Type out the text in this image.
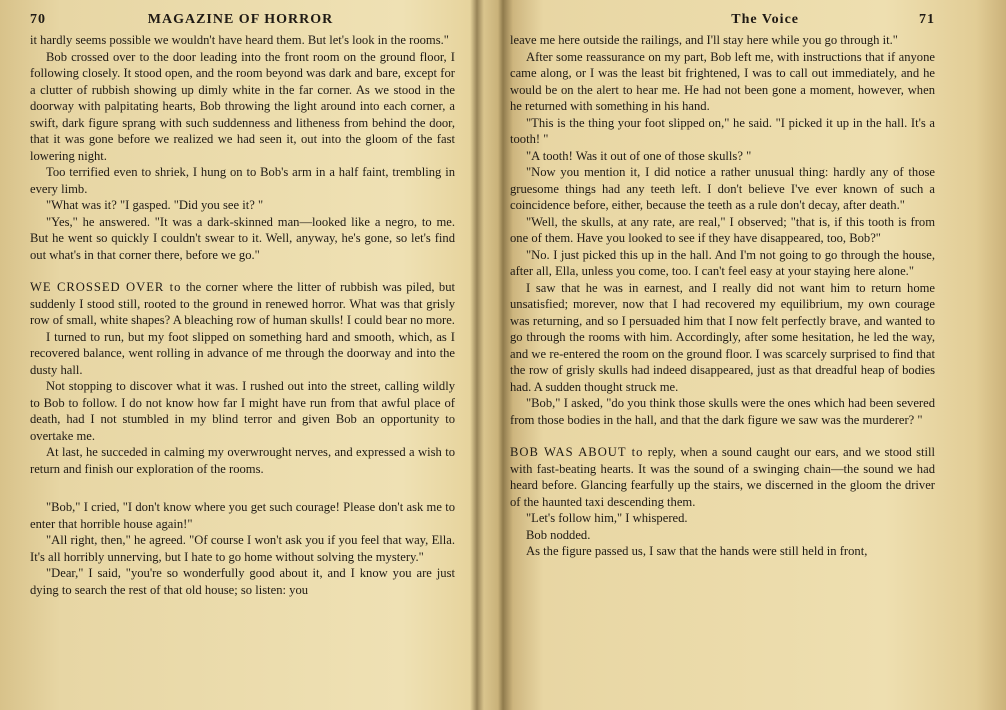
70	MAGAZINE OF HORROR

it hardly seems possible we wouldn't have heard them. But let's look in the rooms."

Bob crossed over to the door leading into the front room on the ground floor, I following closely. It stood open, and the room beyond was dark and bare, except for a clutter of rubbish showing up dimly white in the far corner. As we stood in the doorway with palpitating hearts, Bob throwing the light around into each corner, a swift, dark figure sprang with such suddenness and litheness from behind the door, that it was gone before we realized we had seen it, out into the gloom of the fast lowering night.

Too terrified even to shriek, I hung on to Bob's arm in a half faint, trembling in every limb.

"What was it? "I gasped. "Did you see it? "

"Yes," he answered. "It was a dark-skinned man—looked like a negro, to me. But he went so quickly I couldn't swear to it. Well, anyway, he's gone, so let's find out what's in that corner there, before we go."

WE CROSSED OVER to the corner where the litter of rubbish was piled, but suddenly I stood still, rooted to the ground in renewed horror. What was that grisly row of small, white shapes? A bleaching row of human skulls! I could bear no more.

I turned to run, but my foot slipped on something hard and smooth, which, as I recovered balance, went rolling in advance of me through the doorway and into the dusty hall.

Not stopping to discover what it was. I rushed out into the street, calling wildly to Bob to follow. I do not know how far I might have run from that awful place of death, had I not stumbled in my blind terror and given Bob an opportunity to overtake me.

At last, he succeded in calming my overwrought nerves, and expressed a wish to return and finish our exploration of the rooms.

"Bob," I cried, "I don't know where you get such courage! Please don't ask me to enter that horrible house again!"

"All right, then," he agreed. "Of course I won't ask you if you feel that way, Ella. It's all horribly unnerving, but I hate to go home without solving the mystery."

"Dear," I said, "you're so wonderfully good about it, and I know you are just dying to search the rest of that old house; so listen: you

The Voice	71

leave me here outside the railings, and I'll stay here while you go through it."

After some reassurance on my part, Bob left me, with instructions that if anyone came along, or I was the least bit frightened, I was to call out immediately, and he would be on the alert to hear me. He had not been gone a moment, however, when he returned with something in his hand.

"This is the thing your foot slipped on," he said. "I picked it up in the hall. It's a tooth! "

"A tooth! Was it out of one of those skulls? "

"Now you mention it, I did notice a rather unusual thing: hardly any of those gruesome things had any teeth left. I don't believe I've ever known of such a coincidence before, either, because the teeth as a rule don't decay, after death."

"Well, the skulls, at any rate, are real," I observed; "that is, if this tooth is from one of them. Have you looked to see if they have disappeared, too, Bob?"

"No. I just picked this up in the hall. And I'm not going to go through the house, after all, Ella, unless you come, too. I can't feel easy at your staying here alone."

I saw that he was in earnest, and I really did not want him to return home unsatisfied; morever, now that I had recovered my equilibrium, my own courage was returning, and so I persuaded him that I now felt perfectly brave, and wanted to go through the rooms with him. Accordingly, after some hesitation, he led the way, and we re-entered the room on the ground floor. I was scarcely surprised to find that the row of grisly skulls had indeed disappeared, just as that dreadful heap of bodies had. A sudden thought struck me.

"Bob," I asked, "do you think those skulls were the ones which had been severed from those bodies in the hall, and that the dark figure we saw was the murderer? "

BOB WAS ABOUT to reply, when a sound caught our ears, and we stood still with fast-beating hearts. It was the sound of a swinging chain—the sound we had heard before. Glancing fearfully up the stairs, we discerned in the gloom the driver of the haunted taxi descending them.

"Let's follow him," I whispered.

Bob nodded.

As the figure passed us, I saw that the hands were still held in front,
